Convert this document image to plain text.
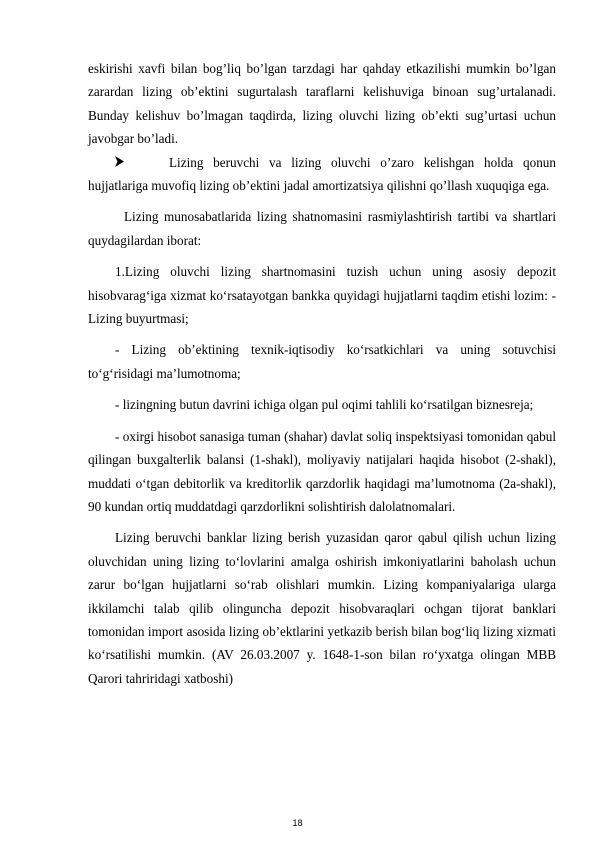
eskirishi xavfi bilan bog’liq bo’lgan tarzdagi har qahday etkazilishi mumkin bo’lgan zarardan lizing ob’ektini sugurtalash taraflarni kelishuviga binoan sug’urtalanadi. Bunday kelishuv bo’lmagan taqdirda, lizing oluvchi lizing ob’ekti sug’urtasi uchun javobgar bo’ladi.

Lizing beruvchi va lizing oluvchi o’zaro kelishgan holda qonun hujjatlariga muvofiq lizing ob’ektini jadal amortizatsiya qilishni qo’llash xuquqiga ega.

Lizing munosabatlarida lizing shatnomasini rasmiylashtirish tartibi va shartlari quydagilardan iborat:

1.Lizing oluvchi lizing shartnomasini tuzish uchun uning asosiy depozit hisobvarag‘iga xizmat ko‘rsatayotgan bankka quyidagi hujjatlarni taqdim etishi lozim: - Lizing buyurtmasi;

- Lizing ob’ektining texnik-iqtisodiy ko‘rsatkichlari va uning sotuvchisi to‘g‘risidagi ma’lumotnoma;

- lizingning butun davrini ichiga olgan pul oqimi tahlili ko‘rsatilgan biznesreja;

- oxirgi hisobot sanasiga tuman (shahar) davlat soliq inspektsiyasi tomonidan qabul qilingan buxgalterlik balansi (1-shakl), moliyaviy natijalari haqida hisobot (2-shakl), muddati o‘tgan debitorlik va kreditorlik qarzdorlik haqidagi ma’lumotnoma (2a-shakl), 90 kundan ortiq muddatdagi qarzdorlikni solishtirish dalolatnomalari.

Lizing beruvchi banklar lizing berish yuzasidan qaror qabul qilish uchun lizing oluvchidan uning lizing to‘lovlarini amalga oshirish imkoniyatlarini baholash uchun zarur bo‘lgan hujjatlarni so‘rab olishlari mumkin. Lizing kompaniyalariga ularga ikkilamchi talab qilib olinguncha depozit hisobvaraqlari ochgan tijorat banklari tomonidan import asosida lizing ob’ektlarini yetkazib berish bilan bog‘liq lizing xizmati ko‘rsatilishi mumkin. (AV 26.03.2007 y. 1648-1-son bilan ro‘yxatga olingan MBB Qarori tahriridagi xatboshi)

18
